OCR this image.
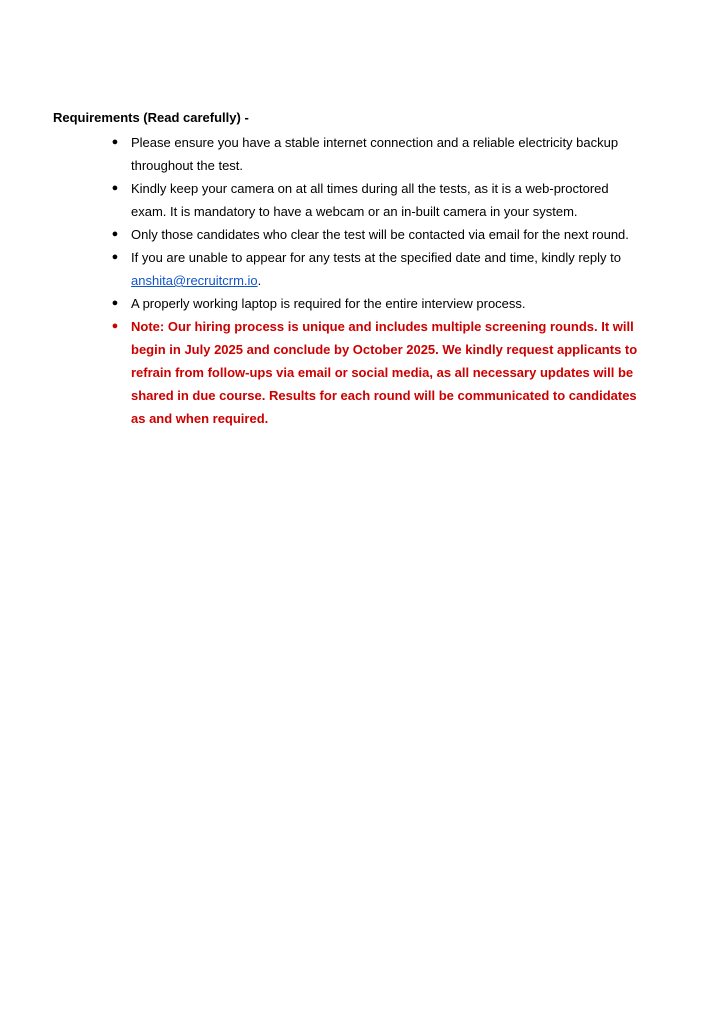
Requirements (Read carefully) -
● Please ensure you have a stable internet connection and a reliable electricity backup
throughout the test.
● Kindly keep your camera on at all times during all the tests, as it is a web-proctored
exam. It is mandatory to have a webcam or an in-built camera in your system.
● Only those candidates who clear the test will be contacted via email for the next round.
● If you are unable to appear for any tests at the specified date and time, kindly reply to
anshita@recruitcrm.io.
● A properly working laptop is required for the entire interview process.
● Note: Our hiring process is unique and includes multiple screening rounds. It will
begin in July 2025 and conclude by October 2025. We kindly request applicants to
refrain from follow-ups via email or social media, as all necessary updates will be
shared in due course. Results for each round will be communicated to candidates
as and when required.
